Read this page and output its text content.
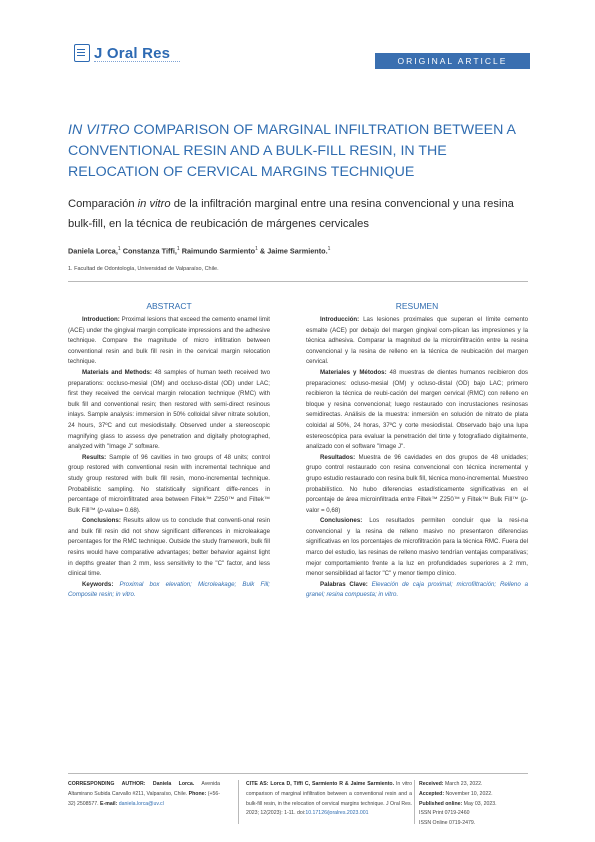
J Oral Res	ORIGINAL ARTICLE
IN VITRO COMPARISON OF MARGINAL INFILTRATION BETWEEN A CONVENTIONAL RESIN AND A BULK-FILL RESIN, IN THE RELOCATION OF CERVICAL MARGINS TECHNIQUE
Comparación in vitro de la infiltración marginal entre una resina convencional y una resina bulk-fill, en la técnica de reubicación de márgenes cervicales
Daniela Lorca,$^1$ Constanza Tiffi,$^1$ Raimundo Sarmiento$^1$ & Jaime Sarmiento.$^1$
1. Facultad de Odontología, Universidad de Valparaíso, Chile.
ABSTRACT

Introduction: Proximal lesions that exceed the cemento enamel limit (ACE) under the gingival margin complicate impressions and the adhesive technique. Compare the magnitude of micro infiltration between conventional resin and bulk fill resin in the cervical margin relocation technique.

Materials and Methods: 48 samples of human teeth received two preparations: occluso-mesial (OM) and occluso-distal (OD) under LAC; first they received the cervical margin relocation technique (RMC) with bulk fill and conventional resin; then restored with semi-direct resinous inlays. Sample analysis: immersion in 50% colloidal silver nitrate solution, 24 hours, 37ºC and cut mesiodistally. Observed under a stereoscopic magnifying glass to assess dye penetration and digitally photographed, analyzed with "Image J" software.

Results: Sample of 96 cavities in two groups of 48 units; control group restored with conventional resin with incremental technique and study group restored with bulk fill resin, mono-incremental technique. Probabilistic sampling. No statistically significant diffe-rences in percentage of microinfiltrated area between Filtek™ Z250™ and Filtek™ Bulk Fill™ (p-value= 0.68).

Conclusions: Results allow us to conclude that conventi-onal resin and bulk fill resin did not show significant differences in microleakage percentages for the RMC technique. Outside the study framework, bulk fill resins would have comparative advantages; better behavior against light in depths greater than 2 mm, less sensitivity to the "C" factor, and less clinical time.

Keywords: Proximal box elevation; Microleakage; Bulk Fill; Composite resin; in vitro.

RESUMEN

Introducción: Las lesiones proximales que superan el límite cemento esmalte (ACE) por debajo del margen gingival com-plican las impresiones y la técnica adhesiva. Comparar la magnitud de la microinfiltración entre la resina convencional y la resina de relleno en la técnica de reubicación del margen cervical.

Materiales y Métodos: 48 muestras de dientes humanos recibieron dos preparaciones: ocluso-mesial (OM) y ocluso-distal (OD) bajo LAC; primero recibieron la técnica de reubi-cación del margen cervical (RMC) con relleno en bloque y resina convencional; luego restaurado con incrustaciones resinosas semidirectas. Análisis de la muestra: inmersión en solución de nitrato de plata coloidal al 50%, 24 horas, 37ºC y corte mesiodistal. Observado bajo una lupa estereoscópica para evaluar la penetración del tinte y fotografiado digitalmente, analizado con el software "Image J".

Resultados: Muestra de 96 cavidades en dos grupos de 48 unidades; grupo control restaurado con resina convencional con técnica incremental y grupo estudio restaurado con resina bulk fill, técnica mono-incremental. Muestreo probabilístico. No hubo diferencias estadísticamente significativas en el porcentaje de área microinfiltrada entre Filtek™ Z250™ y Filtek™ Bulk Fill™ (p-valor = 0,68)

Conclusiones: Los resultados permiten concluir que la resi-na convencional y la resina de relleno masivo no presentaron diferencias significativas en los porcentajes de microfiltración para la técnica RMC. Fuera del marco del estudio, las resinas de relleno masivo tendrían ventajas comparativas; mejor comportamiento frente a la luz en profundidades superiores a 2 mm, menor sensibilidad al factor "C" y menor tiempo clínico.

Palabras Clave: Elevación de caja proximal; microfiltración; Relleno a granel; resina compuesta; in vitro.

CORRESPONDING AUTHOR: Daniela Lorca. Avenida Altamirano Subida Carvallo #211, Valparaíso, Chile. Phone: (+56-32) 2508577. E-mail: daniela.lorca@uv.cl
CITE AS: Lorca D, Tiffi C, Sarmiento R & Jaime Sarmiento. In vitro comparison of marginal infiltration between a conventional resin and a bulk-fill resin, in the relocation of cervical margins technique. J Oral Res. 2023; 12(2023): 1-11. doi:10.17126/joralres.2023.001
Received: March 23, 2022.
Accepted: November 10, 2022.
Published online: May 03, 2023.
ISSN Print 0719-2460
ISSN Online 0719-2479.
